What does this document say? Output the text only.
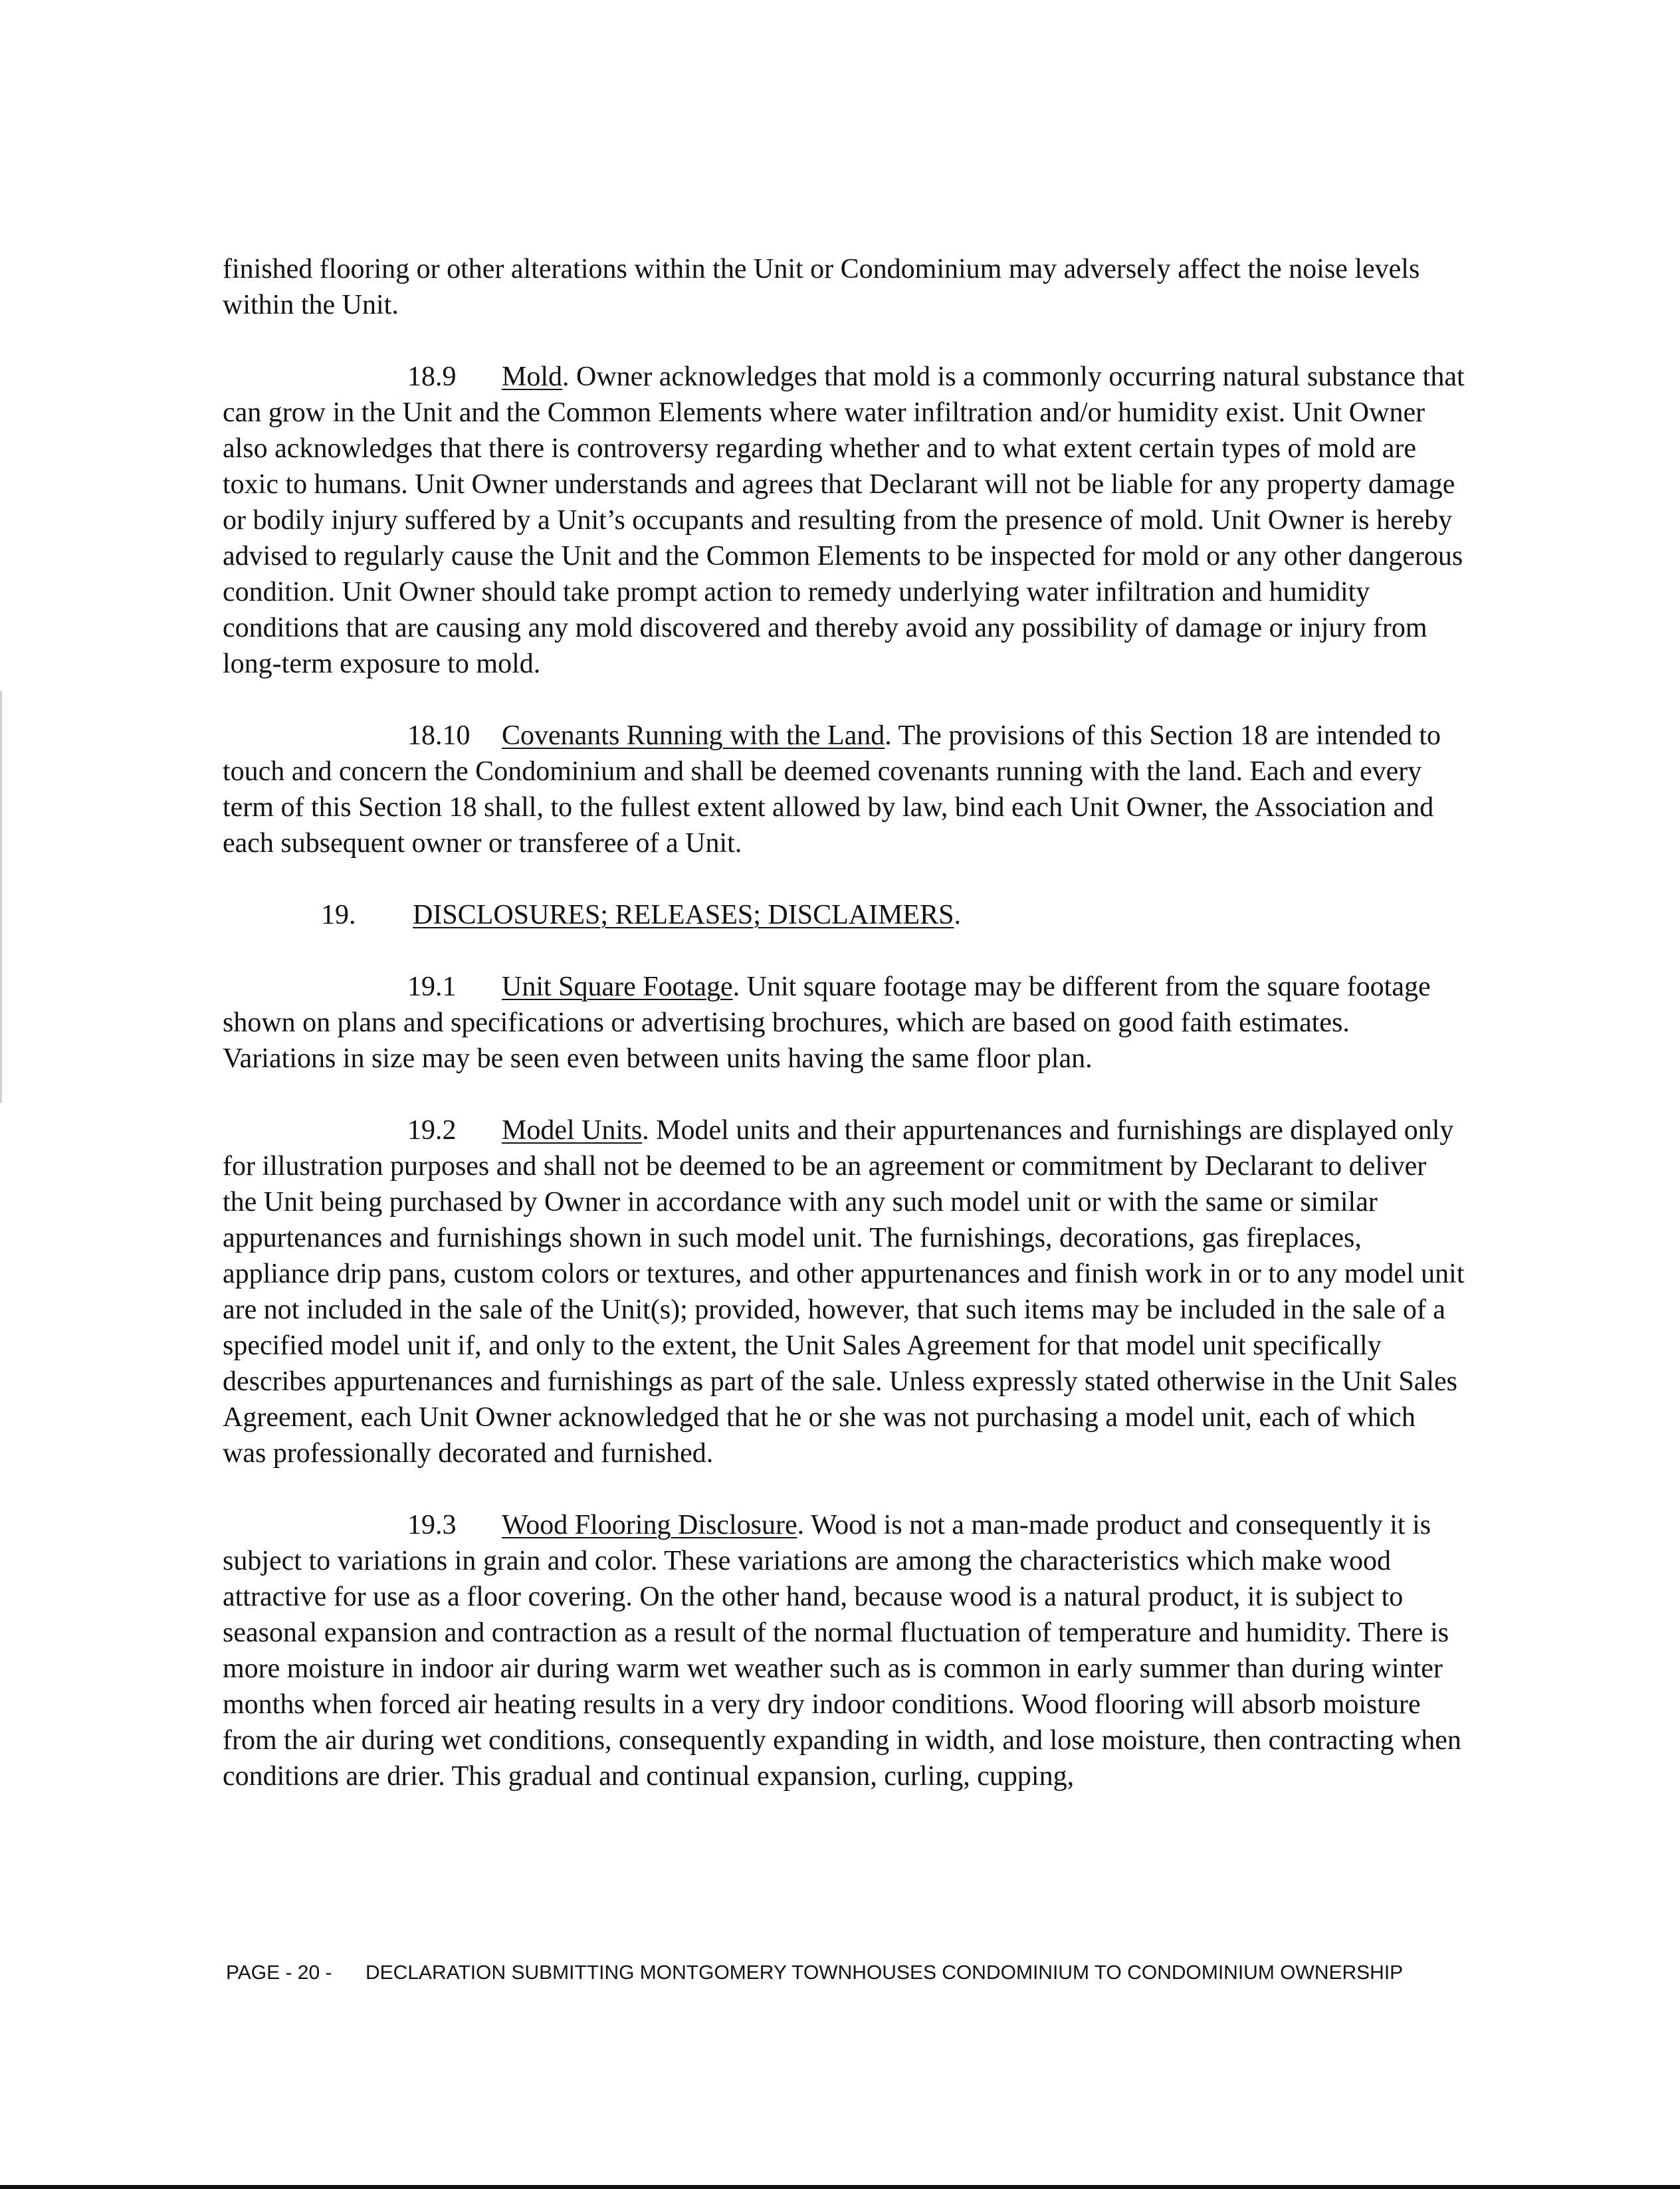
finished flooring or other alterations within the Unit or Condominium may adversely affect the noise levels within the Unit.

18.9 Mold. Owner acknowledges that mold is a commonly occurring natural substance that can grow in the Unit and the Common Elements where water infiltration and/or humidity exist. Unit Owner also acknowledges that there is controversy regarding whether and to what extent certain types of mold are toxic to humans. Unit Owner understands and agrees that Declarant will not be liable for any property damage or bodily injury suffered by a Unit’s occupants and resulting from the presence of mold. Unit Owner is hereby advised to regularly cause the Unit and the Common Elements to be inspected for mold or any other dangerous condition. Unit Owner should take prompt action to remedy underlying water infiltration and humidity conditions that are causing any mold discovered and thereby avoid any possibility of damage or injury from long-term exposure to mold.

18.10 Covenants Running with the Land. The provisions of this Section 18 are intended to touch and concern the Condominium and shall be deemed covenants running with the land. Each and every term of this Section 18 shall, to the fullest extent allowed by law, bind each Unit Owner, the Association and each subsequent owner or transferee of a Unit.

19. DISCLOSURES; RELEASES; DISCLAIMERS.

19.1 Unit Square Footage. Unit square footage may be different from the square footage shown on plans and specifications or advertising brochures, which are based on good faith estimates. Variations in size may be seen even between units having the same floor plan.

19.2 Model Units. Model units and their appurtenances and furnishings are displayed only for illustration purposes and shall not be deemed to be an agreement or commitment by Declarant to deliver the Unit being purchased by Owner in accordance with any such model unit or with the same or similar appurtenances and furnishings shown in such model unit. The furnishings, decorations, gas fireplaces, appliance drip pans, custom colors or textures, and other appurtenances and finish work in or to any model unit are not included in the sale of the Unit(s); provided, however, that such items may be included in the sale of a specified model unit if, and only to the extent, the Unit Sales Agreement for that model unit specifically describes appurtenances and furnishings as part of the sale. Unless expressly stated otherwise in the Unit Sales Agreement, each Unit Owner acknowledged that he or she was not purchasing a model unit, each of which was professionally decorated and furnished.

19.3 Wood Flooring Disclosure. Wood is not a man-made product and consequently it is subject to variations in grain and color. These variations are among the characteristics which make wood attractive for use as a floor covering. On the other hand, because wood is a natural product, it is subject to seasonal expansion and contraction as a result of the normal fluctuation of temperature and humidity. There is more moisture in indoor air during warm wet weather such as is common in early summer than during winter months when forced air heating results in a very dry indoor conditions. Wood flooring will absorb moisture from the air during wet conditions, consequently expanding in width, and lose moisture, then contracting when conditions are drier. This gradual and continual expansion, curling, cupping,

PAGE - 20 -	DECLARATION SUBMITTING MONTGOMERY TOWNHOUSES CONDOMINIUM TO CONDOMINIUM OWNERSHIP
